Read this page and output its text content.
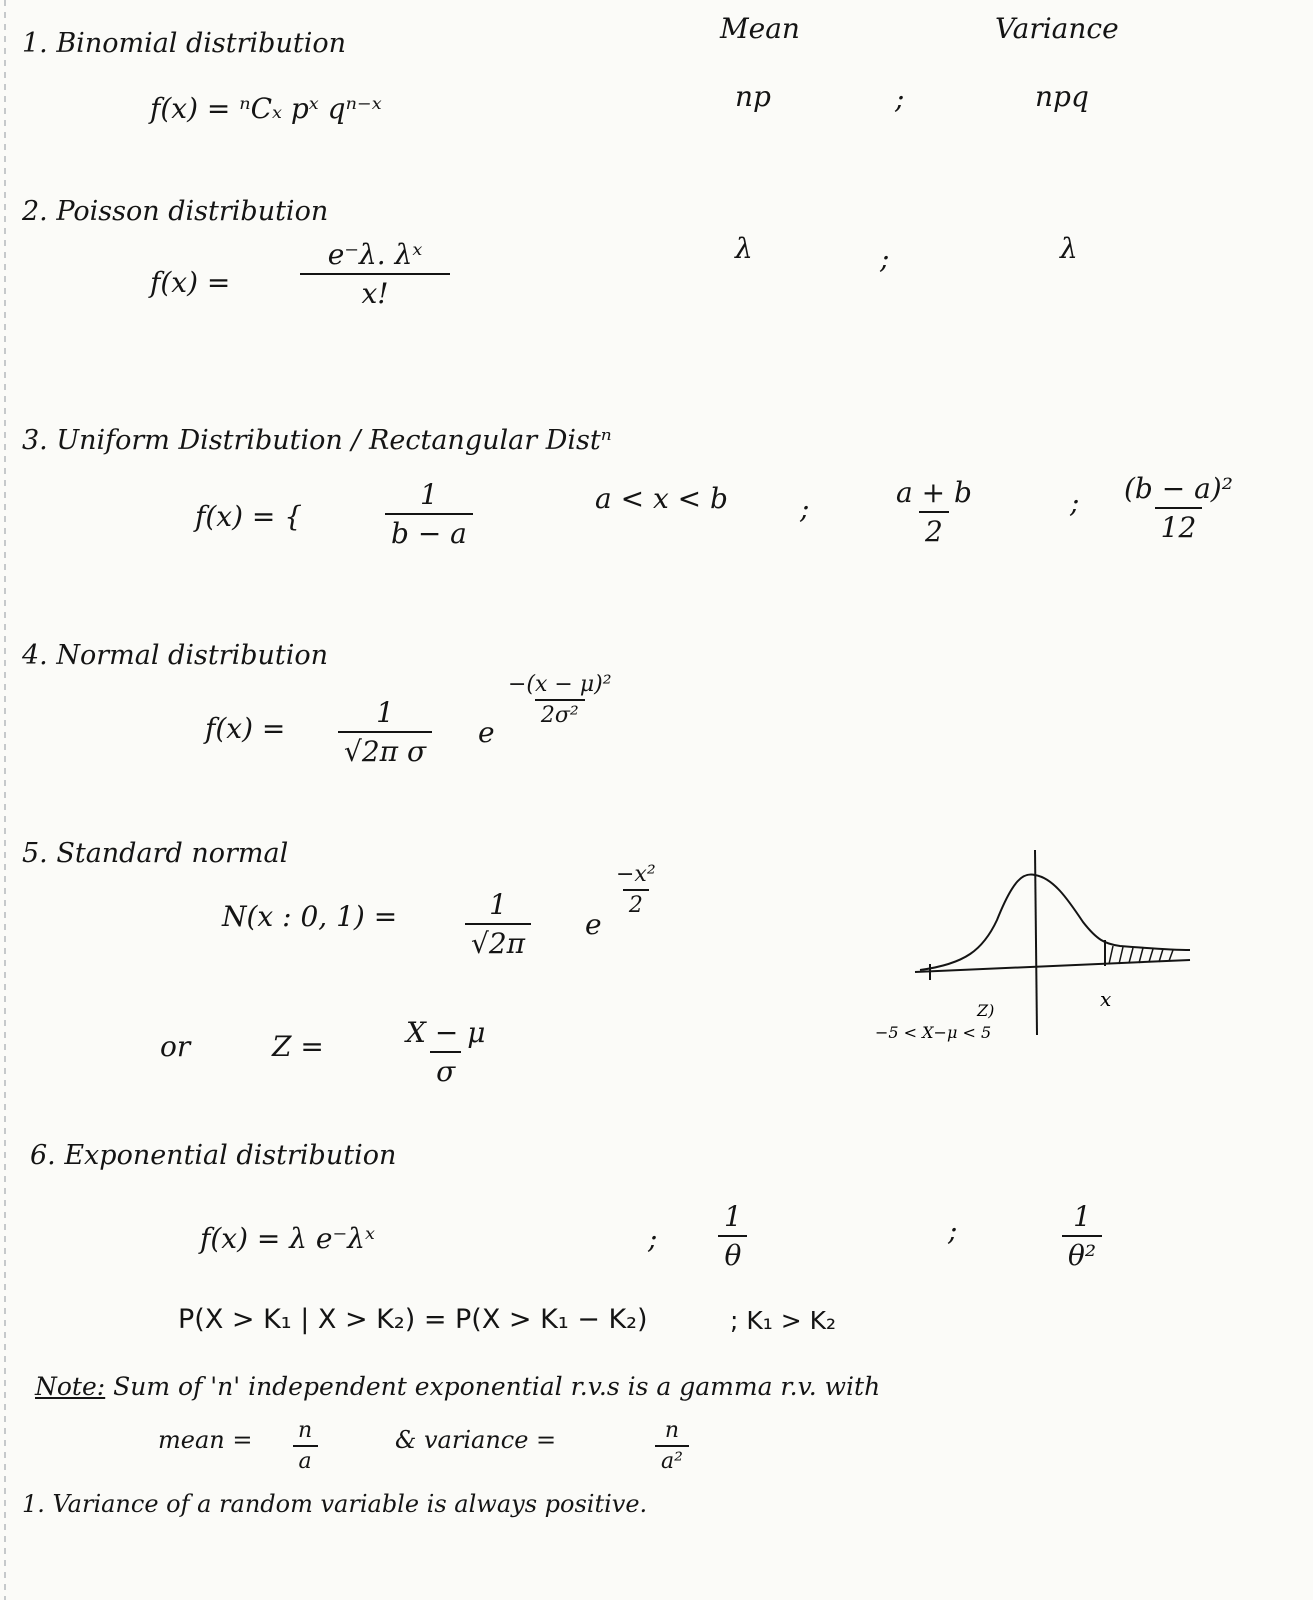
Mean	Variance
1. Binomial distribution
f(x) = ⁿCₓ pˣ qⁿ⁻ˣ	np	;	npq
2. Poisson distribution
$f(x) = \frac{\text{e⁻λ. λˣ}}{x!}$	λ	;	λ
3. Uniform Distribution / Rectangular Distⁿ
f(x) = {	$\frac{1}{b - a}$	a < x < b	;	$\frac{a + b}{2}$	; $\frac{\text{(b − a)²}}{12}$
4. Normal distribution
$f(x) = \frac{1}{\text{√2π σ}}$ e
$\frac{\text{−(x − μ)²}}{\text{2σ²}}$
5. Standard normal
N(x : 0, $1) = \frac{1}{√2\pi}$ e
$\frac{\text{−x²}}{2}$
or	Z =	$\frac{X - \mu}{\sigma}$
x
Z)
−5 < X−μ < 5
6. Exponential distribution
f(x) = λ e⁻λˣ	; $\frac{1}{\theta}$	;	$\frac{1}{\text{θ²}}$
P(X > K₁ | X > K₂) = P(X > K₁ − K₂)	; K₁ > K₂
Note: Sum of 'n' independent exponential r.v.s is a gamma r.v. with
mean = $\frac{n}{a}$	& variance =	$\frac{n}{\text{a²}}$
1. Variance of a random variable is always positive.
